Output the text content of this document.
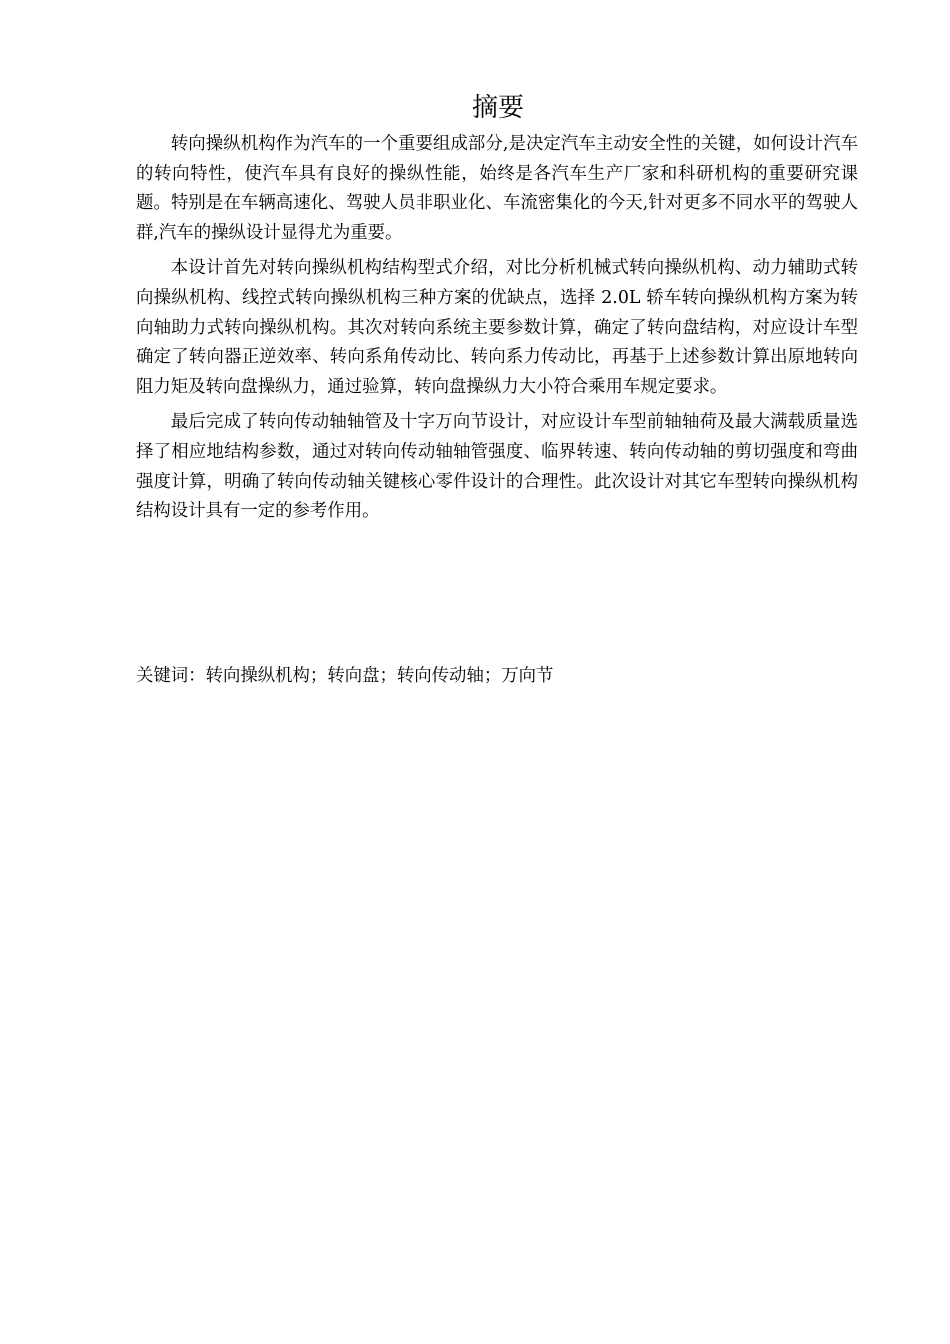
摘要

转向操纵机构作为汽车的一个重要组成部分,是决定汽车主动安全性的关键，如何设计汽车的转向特性，使汽车具有良好的操纵性能，始终是各汽车生产厂家和科研机构的重要研究课题。特别是在车辆高速化、驾驶人员非职业化、车流密集化的今天,针对更多不同水平的驾驶人群,汽车的操纵设计显得尤为重要。

本设计首先对转向操纵机构结构型式介绍，对比分析机械式转向操纵机构、动力辅助式转向操纵机构、线控式转向操纵机构三种方案的优缺点，选择 2.0L 轿车转向操纵机构方案为转向轴助力式转向操纵机构。其次对转向系统主要参数计算，确定了转向盘结构，对应设计车型确定了转向器正逆效率、转向系角传动比、转向系力传动比，再基于上述参数计算出原地转向阻力矩及转向盘操纵力，通过验算，转向盘操纵力大小符合乘用车规定要求。

最后完成了转向传动轴轴管及十字万向节设计，对应设计车型前轴轴荷及最大满载质量选择了相应地结构参数，通过对转向传动轴轴管强度、临界转速、转向传动轴的剪切强度和弯曲强度计算，明确了转向传动轴关键核心零件设计的合理性。此次设计对其它车型转向操纵机构结构设计具有一定的参考作用。

关键词：转向操纵机构；转向盘；转向传动轴；万向节
